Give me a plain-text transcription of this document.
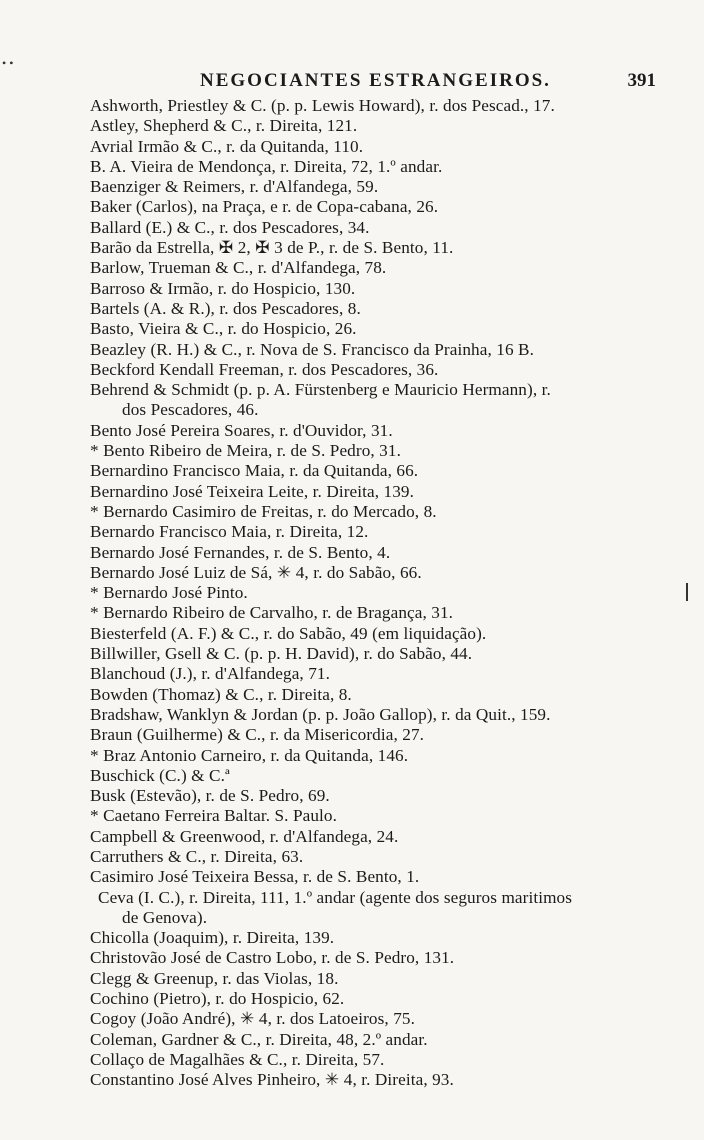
• •
NEGOCIANTES ESTRANGEIROS.	391
Ashworth, Priestley & C. (p. p. Lewis Howard), r. dos Pescad., 17.
Astley, Shepherd & C., r. Direita, 121.
Avrial Irmão & C., r. da Quitanda, 110.
B. A. Vieira de Mendonça, r. Direita, 72, 1.º andar.
Baenziger & Reimers, r. d'Alfandega, 59.
Baker (Carlos), na Praça, e r. de Copa-cabana, 26.
Ballard (E.) & C., r. dos Pescadores, 34.
Barão da Estrella, ✠ 2, ✠ 3 de P., r. de S. Bento, 11.
Barlow, Trueman & C., r. d'Alfandega, 78.
Barroso & Irmão, r. do Hospicio, 130.
Bartels (A. & R.), r. dos Pescadores, 8.
Basto, Vieira & C., r. do Hospicio, 26.
Beazley (R. H.) & C., r. Nova de S. Francisco da Prainha, 16 B.
Beckford Kendall Freeman, r. dos Pescadores, 36.
Behrend & Schmidt (p. p. A. Fürstenberg e Mauricio Hermann), r.
dos Pescadores, 46.
Bento José Pereira Soares, r. d'Ouvidor, 31.
* Bento Ribeiro de Meira, r. de S. Pedro, 31.
Bernardino Francisco Maia, r. da Quitanda, 66.
Bernardino José Teixeira Leite, r. Direita, 139.
* Bernardo Casimiro de Freitas, r. do Mercado, 8.
Bernardo Francisco Maia, r. Direita, 12.
Bernardo José Fernandes, r. de S. Bento, 4.
Bernardo José Luiz de Sá, ✳ 4, r. do Sabão, 66.
* Bernardo José Pinto.
* Bernardo Ribeiro de Carvalho, r. de Bragança, 31.
Biesterfeld (A. F.) & C., r. do Sabão, 49 (em liquidação).
Billwiller, Gsell & C. (p. p. H. David), r. do Sabão, 44.
Blanchoud (J.), r. d'Alfandega, 71.
Bowden (Thomaz) & C., r. Direita, 8.
Bradshaw, Wanklyn & Jordan (p. p. João Gallop), r. da Quit., 159.
Braun (Guilherme) & C., r. da Misericordia, 27.
* Braz Antonio Carneiro, r. da Quitanda, 146.
Buschick (C.) & C.ª
Busk (Estevão), r. de S. Pedro, 69.
* Caetano Ferreira Baltar. S. Paulo.
Campbell & Greenwood, r. d'Alfandega, 24.
Carruthers & C., r. Direita, 63.
Casimiro José Teixeira Bessa, r. de S. Bento, 1.
Ceva (I. C.), r. Direita, 111, 1.º andar (agente dos seguros maritimos
de Genova).
Chicolla (Joaquim), r. Direita, 139.
Christovão José de Castro Lobo, r. de S. Pedro, 131.
Clegg & Greenup, r. das Violas, 18.
Cochino (Pietro), r. do Hospicio, 62.
Cogoy (João André), ✳ 4, r. dos Latoeiros, 75.
Coleman, Gardner & C., r. Direita, 48, 2.º andar.
Collaço de Magalhães & C., r. Direita, 57.
Constantino José Alves Pinheiro, ✳ 4, r. Direita, 93.
